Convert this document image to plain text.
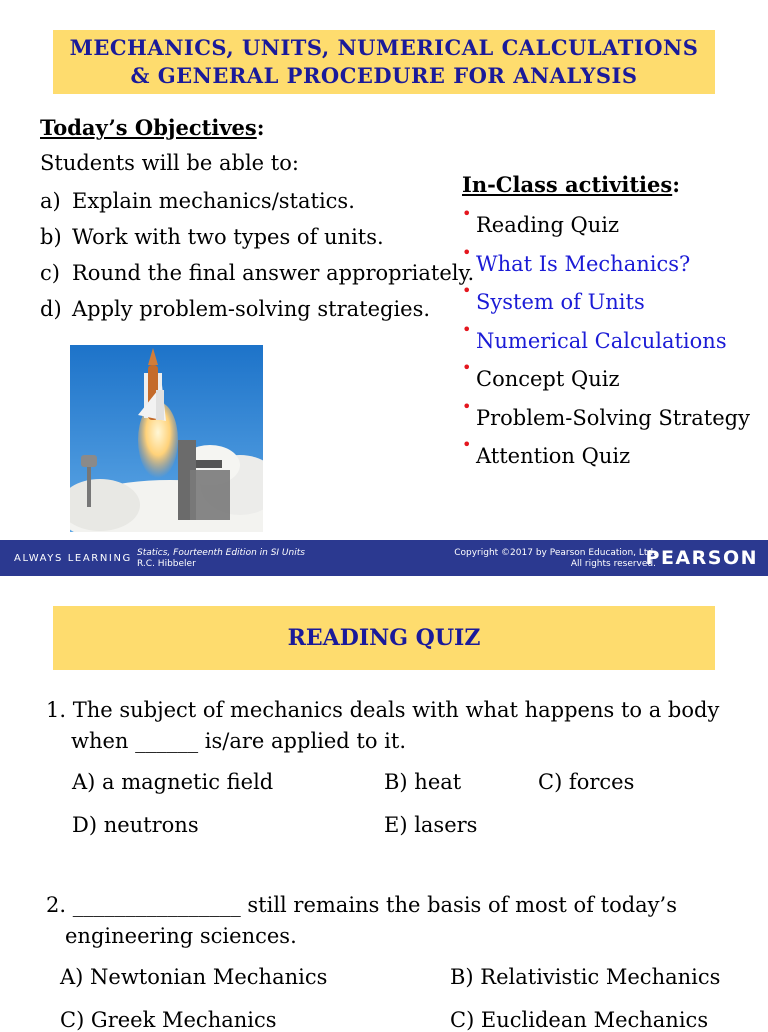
MECHANICS, UNITS, NUMERICAL CALCULATIONS
& GENERAL PROCEDURE FOR ANALYSIS
Today’s Objectives:
Students will be able to:
a) Explain mechanics/statics.
b) Work with two types of units.
c) Round the final answer appropriately.
d) Apply problem-solving strategies.
In-Class activities:
• Reading Quiz
• What Is Mechanics?
• System of Units
• Numerical Calculations
• Concept Quiz
• Problem-Solving Strategy
• Attention Quiz
ALWAYS LEARNING Statics, Fourteenth Edition in SI Units
R.C. Hibbeler
Copyright ©2017 by Pearson Education, Ltd.
All rights reserved.
PEARSON
READING QUIZ
1. The subject of mechanics deals with what happens to a body
when ______ is/are applied to it.
A) a magnetic field	B) heat	C) forces
D) neutrons	E) lasers
2. ________________ still remains the basis of most of today’s
engineering sciences.
A) Newtonian Mechanics	B) Relativistic Mechanics
C) Greek Mechanics	C) Euclidean Mechanics
